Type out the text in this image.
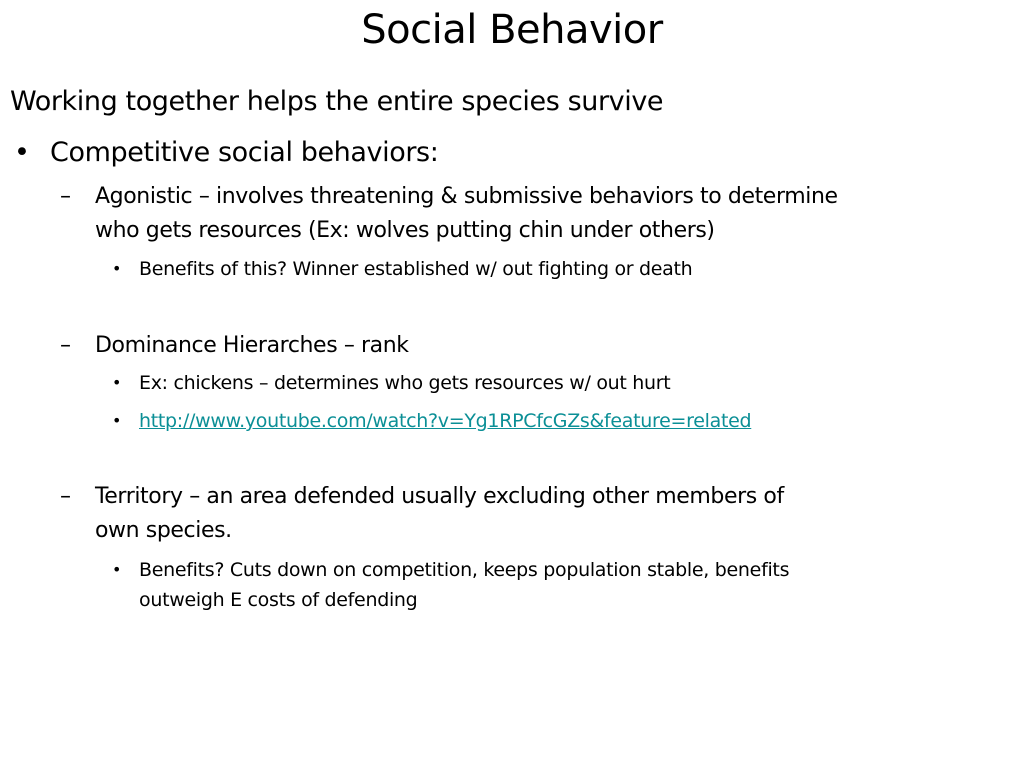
Social Behavior
Working together helps the entire species survive
• Competitive social behaviors:
– Agonistic – involves threatening & submissive behaviors to determine
who gets resources (Ex: wolves putting chin under others)
• Benefits of this? Winner established w/ out fighting or death
– Dominance Hierarches – rank
• Ex: chickens – determines who gets resources w/ out hurt
• http://www.youtube.com/watch?v=Yg1RPCfcGZs&feature=related
– Territory – an area defended usually excluding other members of
own species.
• Benefits? Cuts down on competition, keeps population stable, benefits
outweigh E costs of defending
